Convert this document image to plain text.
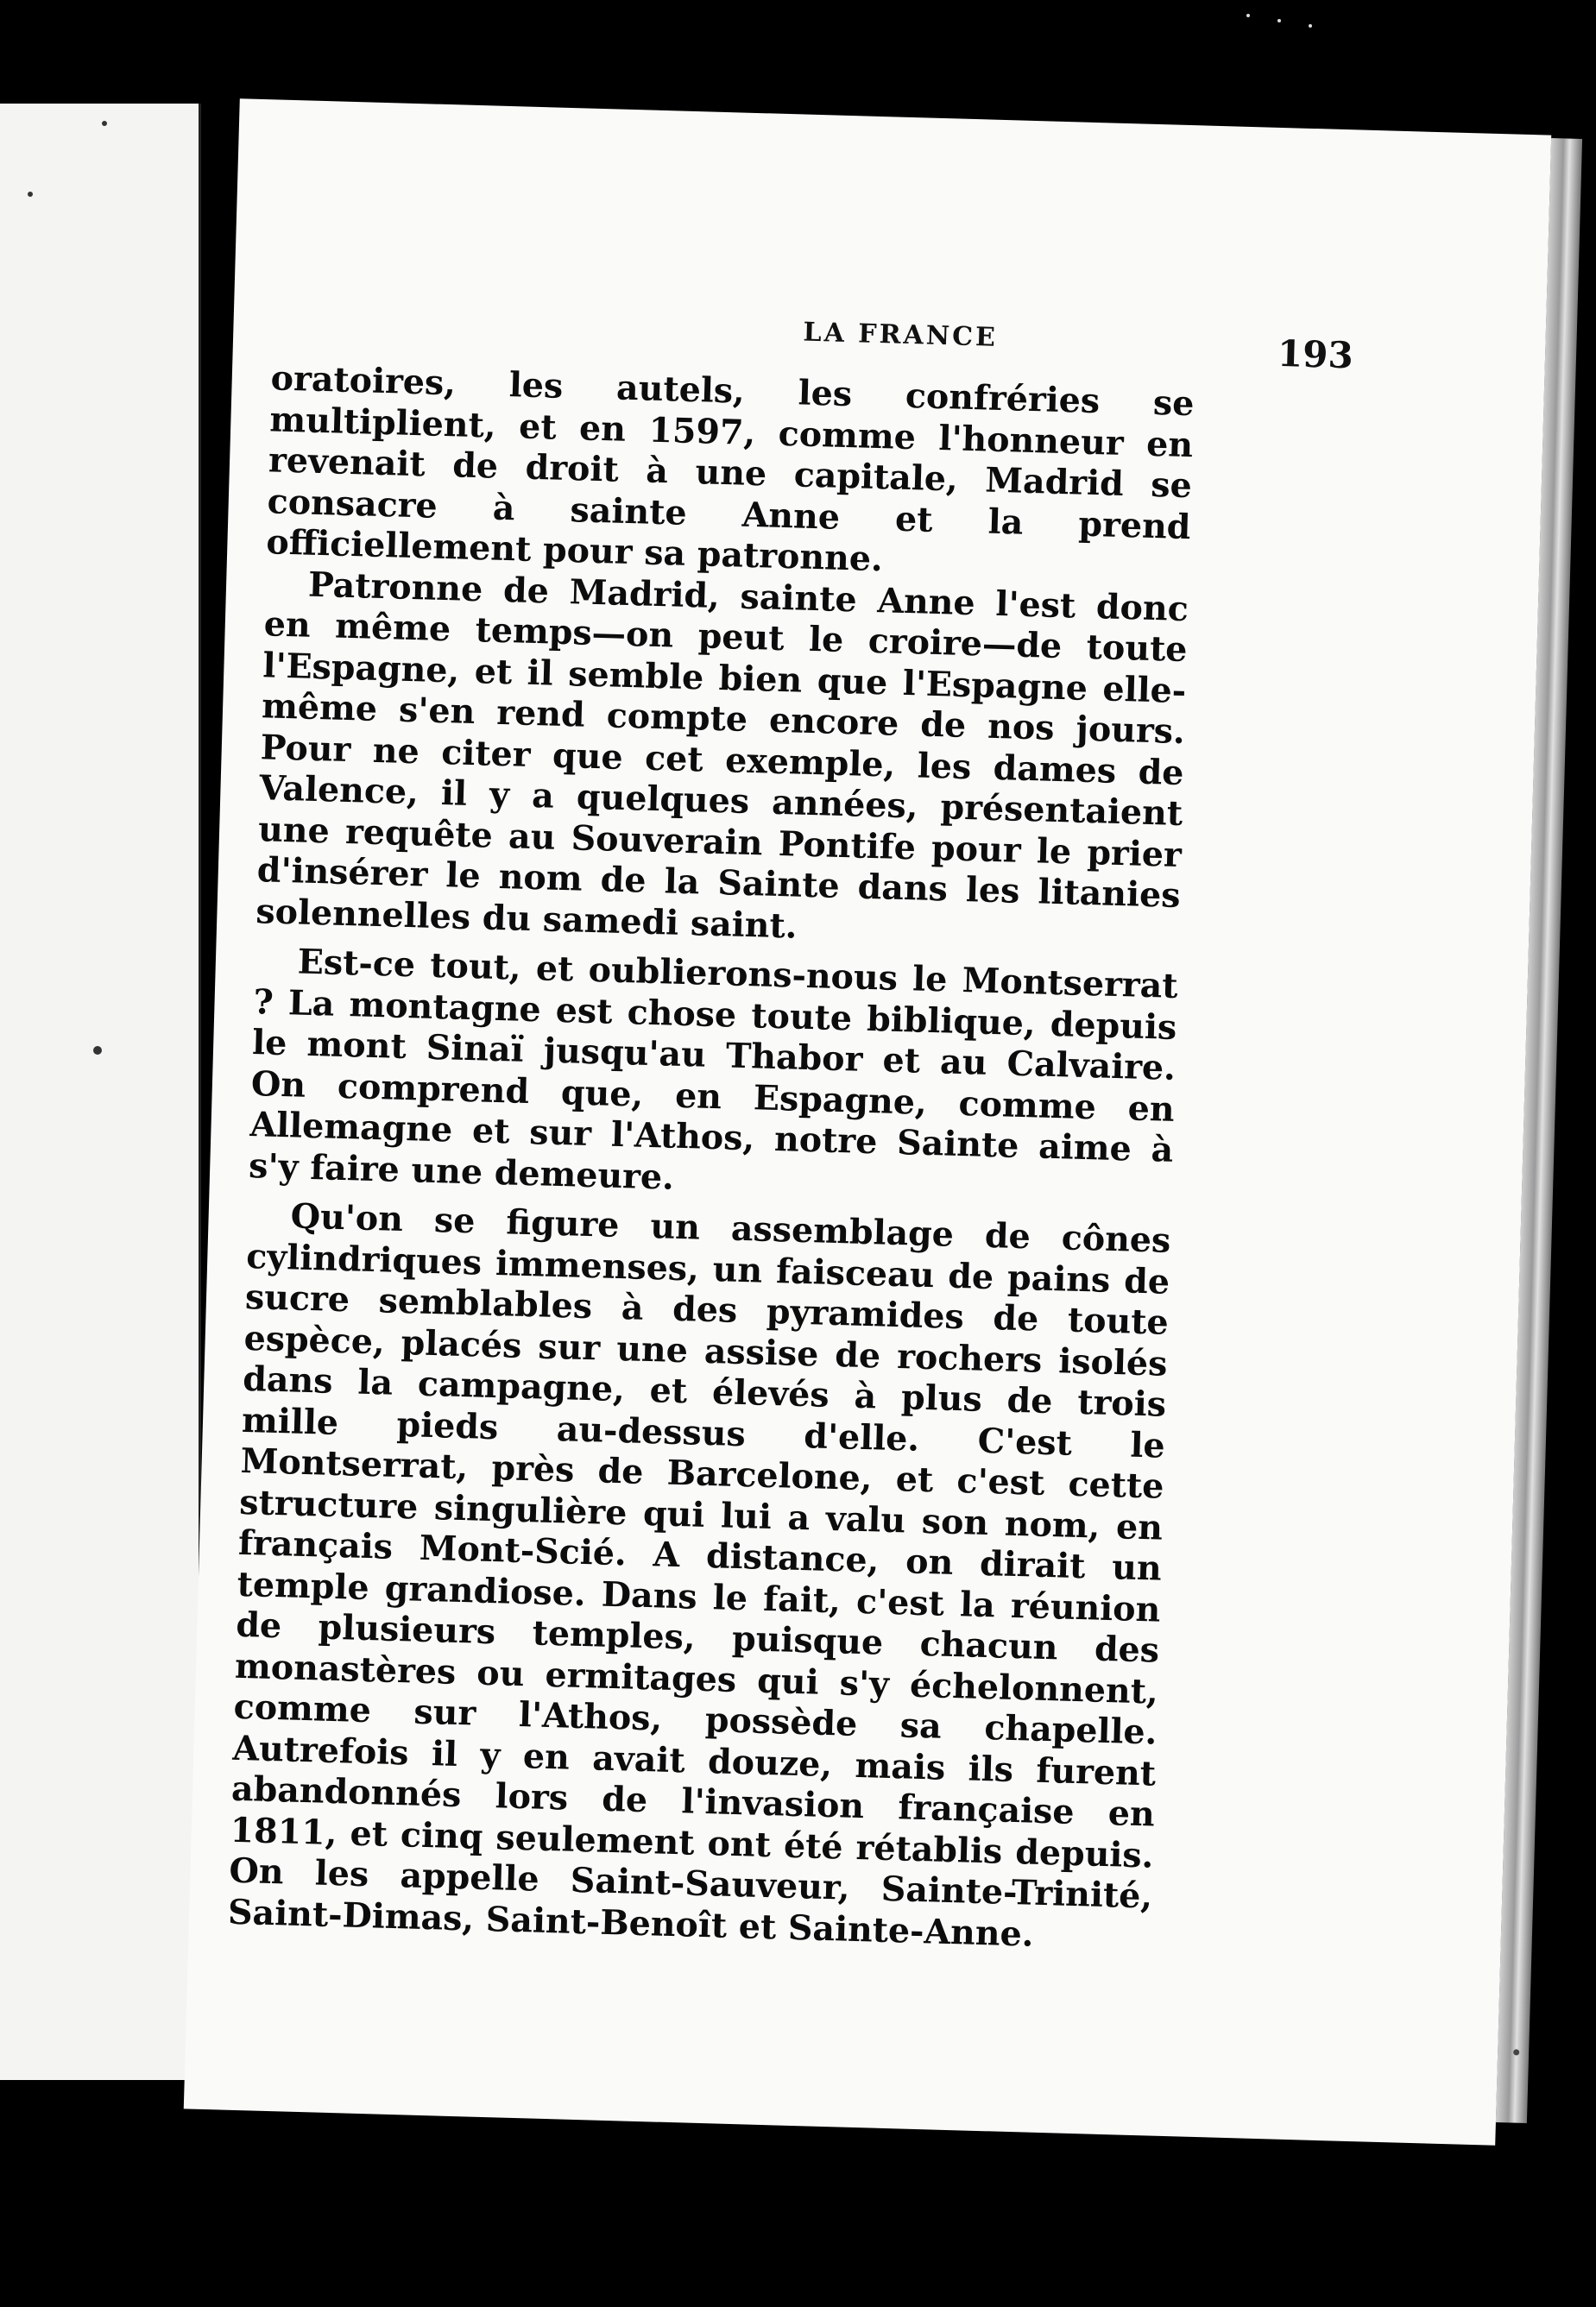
LA FRANCE	193

oratoires, les autels, les confréries se multiplient, et en 1597, comme l'honneur en revenait de droit à une capitale, Madrid se consacre à sainte Anne et la prend officiellement pour sa patronne.

Patronne de Madrid, sainte Anne l'est donc en même temps—on peut le croire—de toute l'Espagne, et il semble bien que l'Espagne elle-même s'en rend compte encore de nos jours. Pour ne citer que cet exemple, les dames de Valence, il y a quelques années, présentaient une requête au Souverain Pontife pour le prier d'insérer le nom de la Sainte dans les litanies solennelles du samedi saint.

Est-ce tout, et oublierons-nous le Montserrat ? La montagne est chose toute biblique, depuis le mont Sinaï jusqu'au Thabor et au Calvaire. On comprend que, en Espagne, comme en Allemagne et sur l'Athos, notre Sainte aime à s'y faire une demeure.

Qu'on se figure un assemblage de cônes cylindriques immenses, un faisceau de pains de sucre semblables à des pyramides de toute espèce, placés sur une assise de rochers isolés dans la campagne, et élevés à plus de trois mille pieds au-dessus d'elle. C'est le Montserrat, près de Barcelone, et c'est cette structure singulière qui lui a valu son nom, en français Mont-Scié. A distance, on dirait un temple grandiose. Dans le fait, c'est la réunion de plusieurs temples, puisque chacun des monastères ou ermitages qui s'y échelonnent, comme sur l'Athos, possède sa chapelle. Autrefois il y en avait douze, mais ils furent abandonnés lors de l'invasion française en 1811, et cinq seulement ont été rétablis depuis. On les appelle Saint-Sauveur, Sainte-Trinité, Saint-Dimas, Saint-Benoît et Sainte-Anne.
